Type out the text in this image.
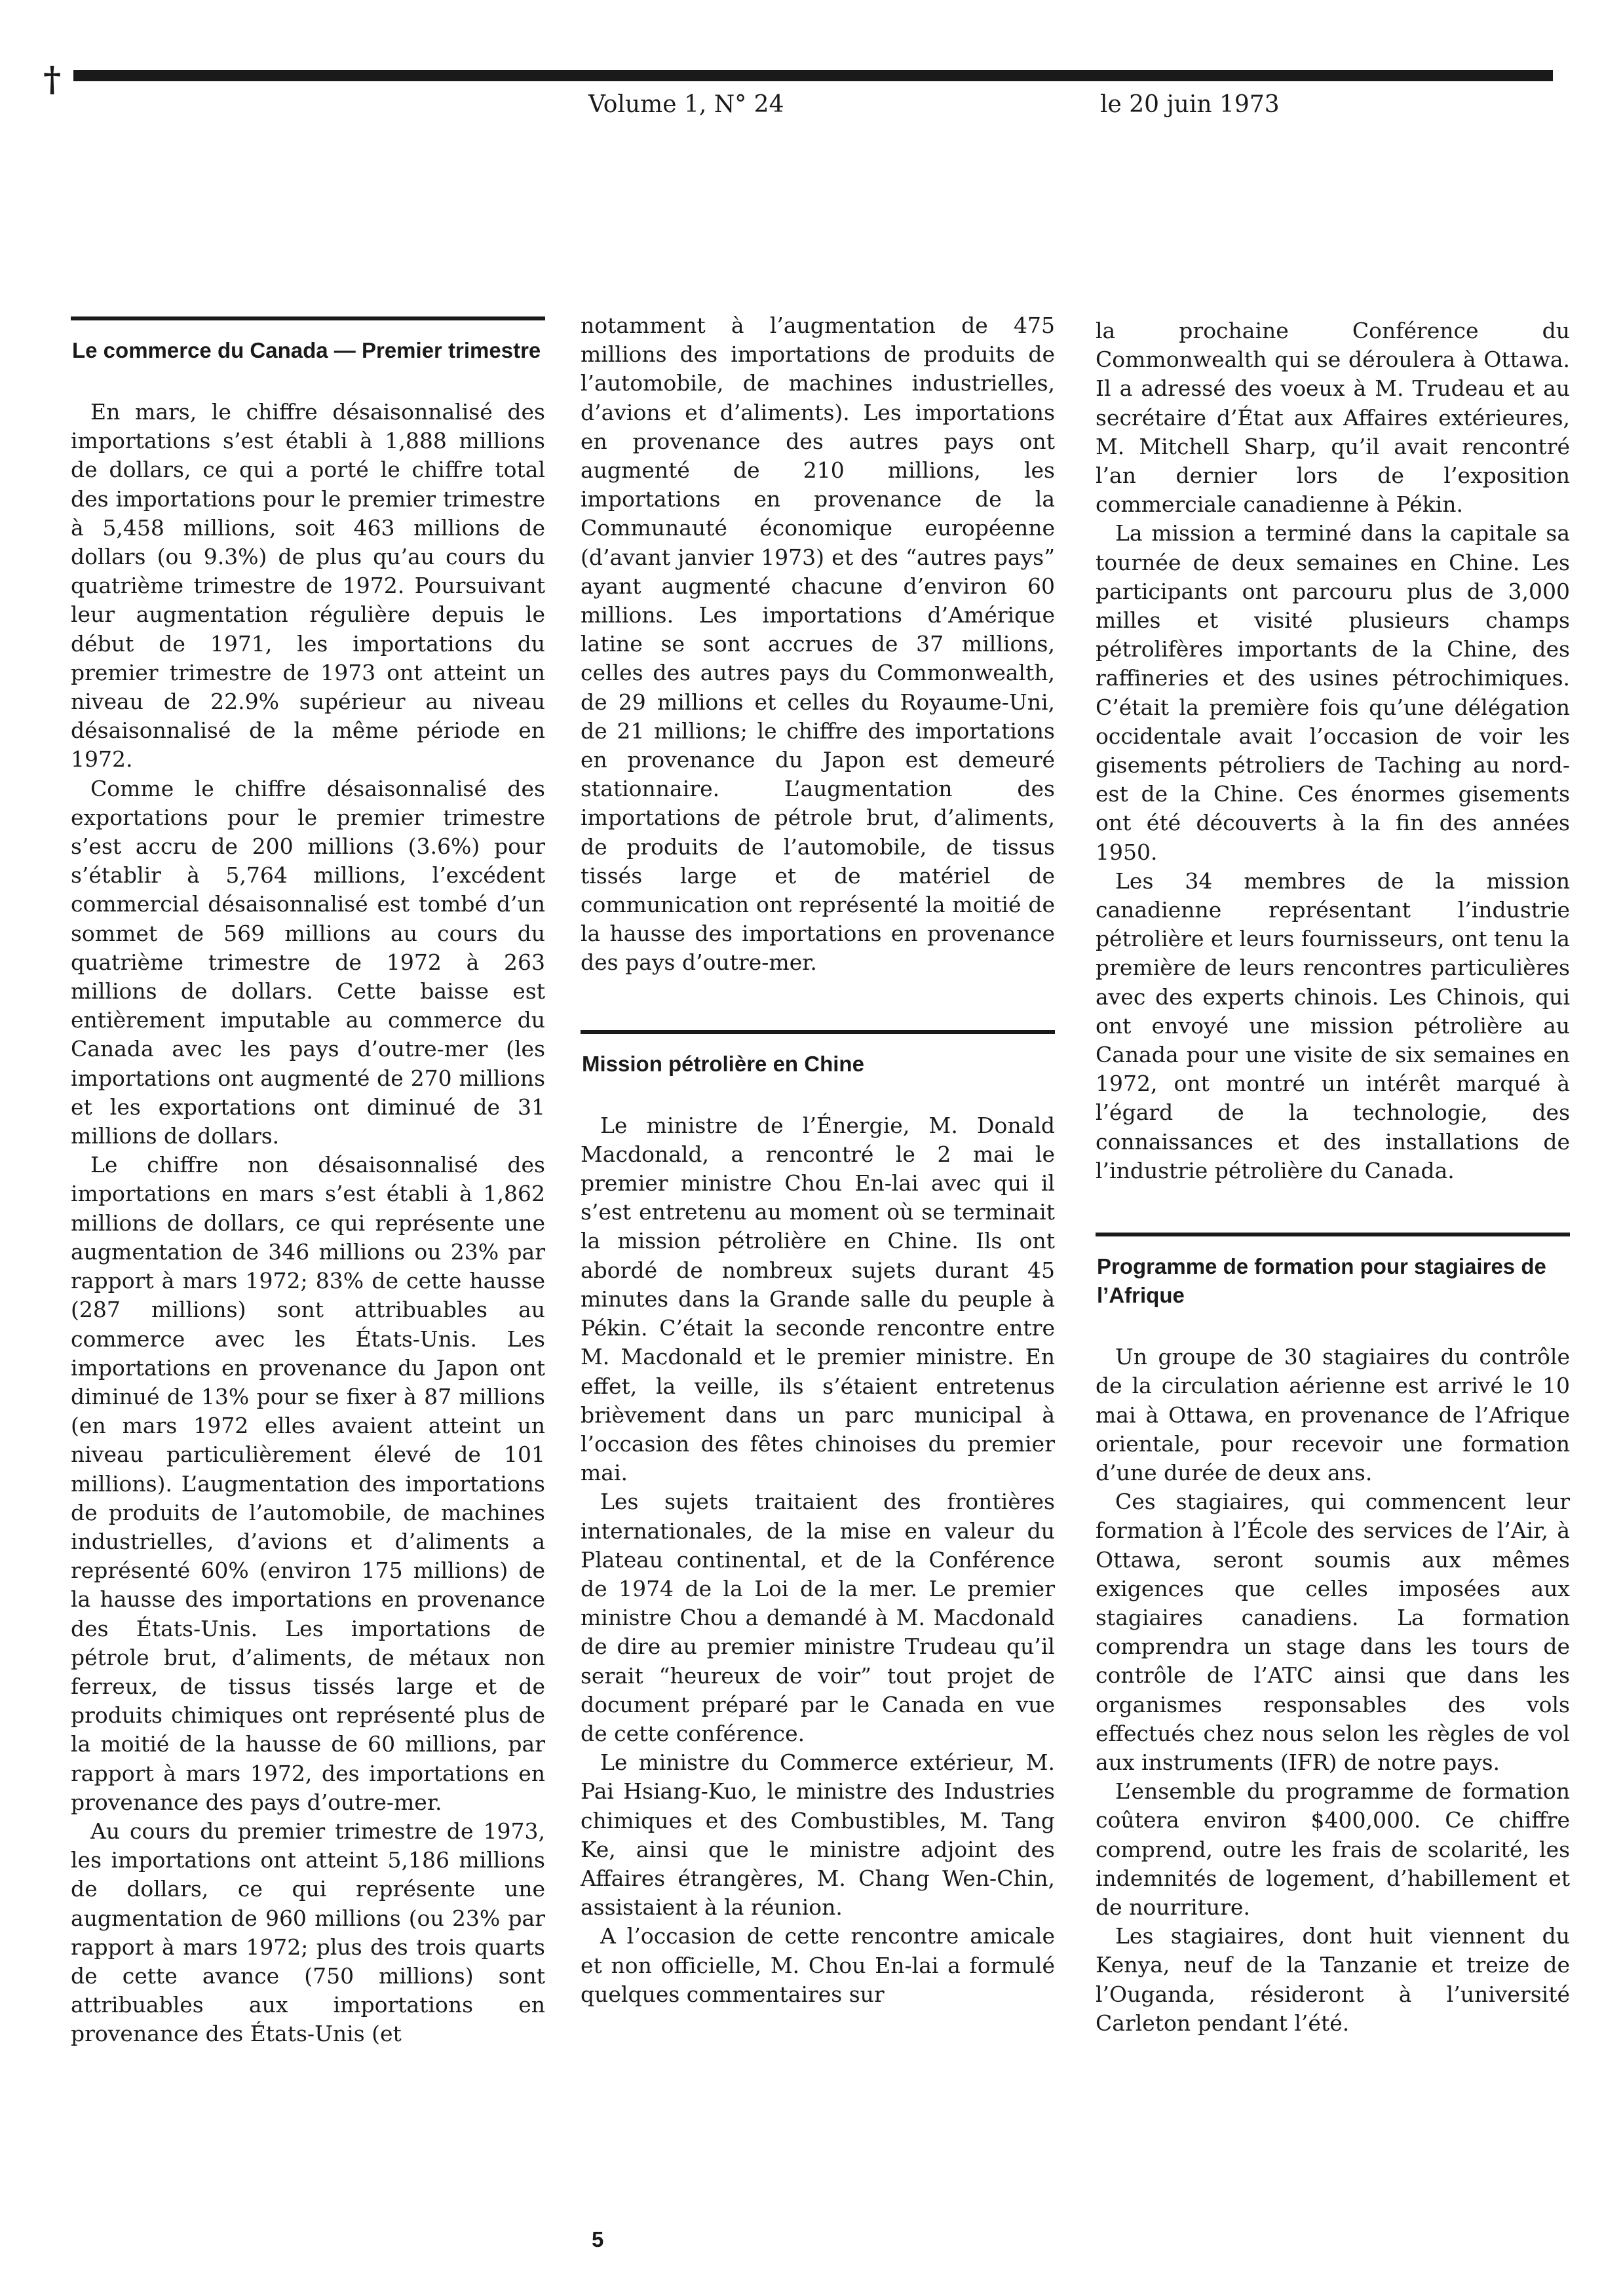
†
Volume 1, N° 24	le 20 juin 1973
Le commerce du Canada — Premier trimestre

En mars, le chiffre désaisonnalisé des importations s’est établi à 1,888 millions de dollars, ce qui a porté le chiffre total des importations pour le premier trimestre à 5,458 millions, soit 463 millions de dollars (ou 9.3%) de plus qu’au cours du quatrième trimestre de 1972. Poursuivant leur augmentation régulière depuis le début de 1971, les importations du premier trimestre de 1973 ont atteint un niveau de 22.9% supérieur au niveau désaisonnalisé de la même période en 1972.

Comme le chiffre désaisonnalisé des exportations pour le premier trimestre s’est accru de 200 millions (3.6%) pour s’établir à 5,764 millions, l’excédent commercial désaisonnalisé est tombé d’un sommet de 569 millions au cours du quatrième trimestre de 1972 à 263 millions de dollars. Cette baisse est entièrement imputable au commerce du Canada avec les pays d’outre-mer (les importations ont augmenté de 270 millions et les exportations ont diminué de 31 millions de dollars.

Le chiffre non désaisonnalisé des importations en mars s’est établi à 1,862 millions de dollars, ce qui représente une augmentation de 346 millions ou 23% par rapport à mars 1972; 83% de cette hausse (287 millions) sont attribuables au commerce avec les États-Unis. Les importations en provenance du Japon ont diminué de 13% pour se fixer à 87 millions (en mars 1972 elles avaient atteint un niveau particulièrement élevé de 101 millions). L’augmentation des importations de produits de l’automobile, de machines industrielles, d’avions et d’aliments a représenté 60% (environ 175 millions) de la hausse des importations en provenance des États-Unis. Les importations de pétrole brut, d’aliments, de métaux non ferreux, de tissus tissés large et de produits chimiques ont représenté plus de la moitié de la hausse de 60 millions, par rapport à mars 1972, des importations en provenance des pays d’outre-mer.

Au cours du premier trimestre de 1973, les importations ont atteint 5,186 millions de dollars, ce qui représente une augmentation de 960 millions (ou 23% par rapport à mars 1972; plus des trois quarts de cette avance (750 millions) sont attribuables aux importations en provenance des États-Unis (et

notamment à l’augmentation de 475 millions des importations de produits de l’automobile, de machines industrielles, d’avions et d’aliments). Les importations en provenance des autres pays ont augmenté de 210 millions, les importations en provenance de la Communauté économique européenne (d’avant janvier 1973) et des “autres pays” ayant augmenté chacune d’environ 60 millions. Les importations d’Amérique latine se sont accrues de 37 millions, celles des autres pays du Commonwealth, de 29 millions et celles du Royaume-Uni, de 21 millions; le chiffre des importations en provenance du Japon est demeuré stationnaire. L’augmentation des importations de pétrole brut, d’aliments, de produits de l’automobile, de tissus tissés large et de matériel de communication ont représenté la moitié de la hausse des importations en provenance des pays d’outre-mer.

Mission pétrolière en Chine

Le ministre de l’Énergie, M. Donald Macdonald, a rencontré le 2 mai le premier ministre Chou En-lai avec qui il s’est entretenu au moment où se terminait la mission pétrolière en Chine. Ils ont abordé de nombreux sujets durant 45 minutes dans la Grande salle du peuple à Pékin. C’était la seconde rencontre entre M. Macdonald et le premier ministre. En effet, la veille, ils s’étaient entretenus brièvement dans un parc municipal à l’occasion des fêtes chinoises du premier mai.

Les sujets traitaient des frontières internationales, de la mise en valeur du Plateau continental, et de la Conférence de 1974 de la Loi de la mer. Le premier ministre Chou a demandé à M. Macdonald de dire au premier ministre Trudeau qu’il serait “heureux de voir” tout projet de document préparé par le Canada en vue de cette conférence.

Le ministre du Commerce extérieur, M. Pai Hsiang-Kuo, le ministre des Industries chimiques et des Combustibles, M. Tang Ke, ainsi que le ministre adjoint des Affaires étrangères, M. Chang Wen-Chin, assistaient à la réunion.

A l’occasion de cette rencontre amicale et non officielle, M. Chou En-lai a formulé quelques commentaires sur

la prochaine Conférence du Commonwealth qui se déroulera à Ottawa. Il a adressé des voeux à M. Trudeau et au secrétaire d’État aux Affaires extérieures, M. Mitchell Sharp, qu’il avait rencontré l’an dernier lors de l’exposition commerciale canadienne à Pékin.

La mission a terminé dans la capitale sa tournée de deux semaines en Chine. Les participants ont parcouru plus de 3,000 milles et visité plusieurs champs pétrolifères importants de la Chine, des raffineries et des usines pétrochimiques. C’était la première fois qu’une délégation occidentale avait l’occasion de voir les gisements pétroliers de Taching au nord-est de la Chine. Ces énormes gisements ont été découverts à la fin des années 1950.

Les 34 membres de la mission canadienne représentant l’industrie pétrolière et leurs fournisseurs, ont tenu la première de leurs rencontres particulières avec des experts chinois. Les Chinois, qui ont envoyé une mission pétrolière au Canada pour une visite de six semaines en 1972, ont montré un intérêt marqué à l’égard de la technologie, des connaissances et des installations de l’industrie pétrolière du Canada.

Programme de formation pour stagiaires de l’Afrique

Un groupe de 30 stagiaires du contrôle de la circulation aérienne est arrivé le 10 mai à Ottawa, en provenance de l’Afrique orientale, pour recevoir une formation d’une durée de deux ans.

Ces stagiaires, qui commencent leur formation à l’École des services de l’Air, à Ottawa, seront soumis aux mêmes exigences que celles imposées aux stagiaires canadiens. La formation comprendra un stage dans les tours de contrôle de l’ATC ainsi que dans les organismes responsables des vols effectués chez nous selon les règles de vol aux instruments (IFR) de notre pays.

L’ensemble du programme de formation coûtera environ $400,000. Ce chiffre comprend, outre les frais de scolarité, les indemnités de logement, d’habillement et de nourriture.

Les stagiaires, dont huit viennent du Kenya, neuf de la Tanzanie et treize de l’Ouganda, résideront à l’université Carleton pendant l’été.

5
